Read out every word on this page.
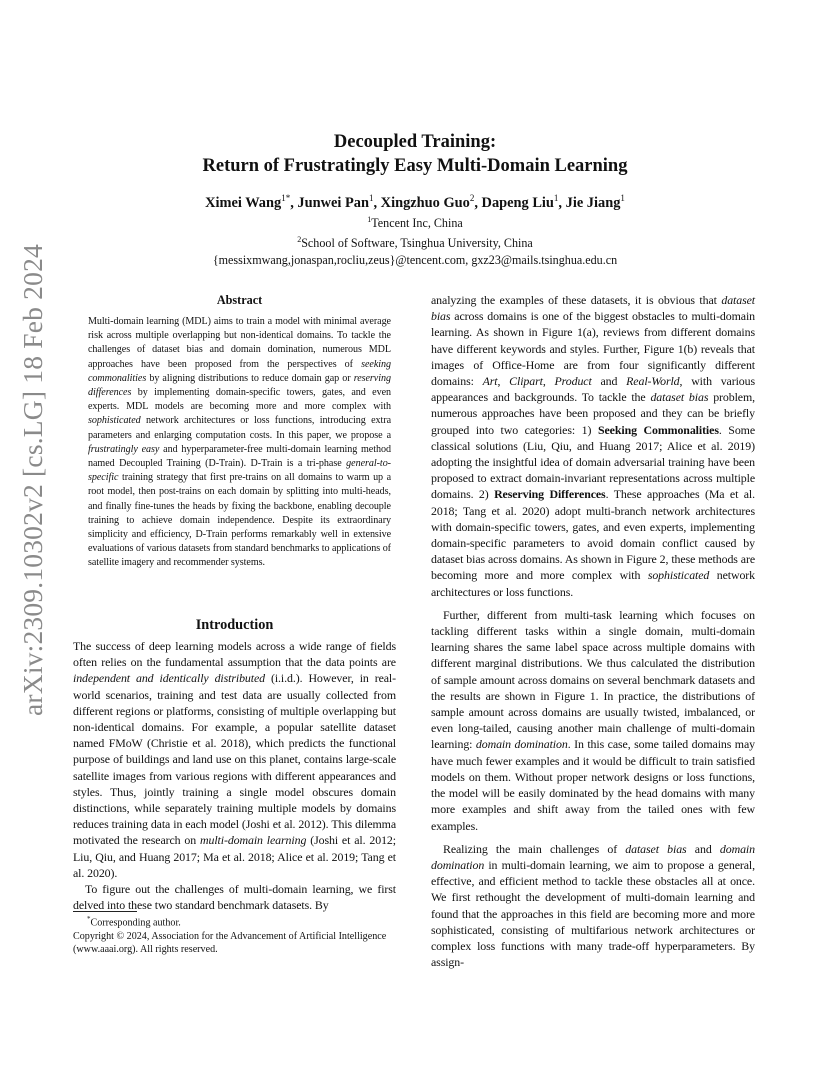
arXiv:2309.10302v2 [cs.LG] 18 Feb 2024
Decoupled Training:
Return of Frustratingly Easy Multi-Domain Learning
Ximei Wang$^{1*}$, Junwei Pan$^1$, Xingzhuo Guo$^2$, Dapeng Liu$^1$, Jie Jiang$^1$
$^1$Tencent Inc, China
$^2$School of Software, Tsinghua University, China
{messixmwang,jonaspan,rocliu,zeus}@tencent.com, gxz23@mails.tsinghua.edu.cn
Abstract

Multi-domain learning (MDL) aims to train a model with minimal average risk across multiple overlapping but non-identical domains. To tackle the challenges of dataset bias and domain domination, numerous MDL approaches have been proposed from the perspectives of seeking commonalities by aligning distributions to reduce domain gap or reserving differences by implementing domain-specific towers, gates, and even experts. MDL models are becoming more and more complex with sophisticated network architectures or loss functions, introducing extra parameters and enlarging computation costs. In this paper, we propose a frustratingly easy and hyperparameter-free multi-domain learning method named Decoupled Training (D-Train). D-Train is a tri-phase general-to-specific training strategy that first pre-trains on all domains to warm up a root model, then post-trains on each domain by splitting into multi-heads, and finally fine-tunes the heads by fixing the backbone, enabling decouple training to achieve domain independence. Despite its extraordinary simplicity and efficiency, D-Train performs remarkably well in extensive evaluations of various datasets from standard benchmarks to applications of satellite imagery and recommender systems.

Introduction

The success of deep learning models across a wide range of fields often relies on the fundamental assumption that the data points are independent and identically distributed (i.i.d.). However, in real-world scenarios, training and test data are usually collected from different regions or platforms, consisting of multiple overlapping but non-identical domains. For example, a popular satellite dataset named FMoW (Christie et al. 2018), which predicts the functional purpose of buildings and land use on this planet, contains large-scale satellite images from various regions with different appearances and styles. Thus, jointly training a single model obscures domain distinctions, while separately training multiple models by domains reduces training data in each model (Joshi et al. 2012). This dilemma motivated the research on multi-domain learning (Joshi et al. 2012; Liu, Qiu, and Huang 2017; Ma et al. 2018; Alice et al. 2019; Tang et al. 2020).

To figure out the challenges of multi-domain learning, we first delved into these two standard benchmark datasets. By

*Corresponding author.
Copyright © 2024, Association for the Advancement of Artificial Intelligence (www.aaai.org). All rights reserved.

analyzing the examples of these datasets, it is obvious that dataset bias across domains is one of the biggest obstacles to multi-domain learning. As shown in Figure 1(a), reviews from different domains have different keywords and styles. Further, Figure 1(b) reveals that images of Office-Home are from four significantly different domains: Art, Clipart, Product and Real-World, with various appearances and backgrounds. To tackle the dataset bias problem, numerous approaches have been proposed and they can be briefly grouped into two categories: 1) Seeking Commonalities. Some classical solutions (Liu, Qiu, and Huang 2017; Alice et al. 2019) adopting the insightful idea of domain adversarial training have been proposed to extract domain-invariant representations across multiple domains. 2) Reserving Differences. These approaches (Ma et al. 2018; Tang et al. 2020) adopt multi-branch network architectures with domain-specific towers, gates, and even experts, implementing domain-specific parameters to avoid domain conflict caused by dataset bias across domains. As shown in Figure 2, these methods are becoming more and more complex with sophisticated network architectures or loss functions.

Further, different from multi-task learning which focuses on tackling different tasks within a single domain, multi-domain learning shares the same label space across multiple domains with different marginal distributions. We thus calculated the distribution of sample amount across domains on several benchmark datasets and the results are shown in Figure 1. In practice, the distributions of sample amount across domains are usually twisted, imbalanced, or even long-tailed, causing another main challenge of multi-domain learning: domain domination. In this case, some tailed domains may have much fewer examples and it would be difficult to train satisfied models on them. Without proper network designs or loss functions, the model will be easily dominated by the head domains with many more examples and shift away from the tailed ones with few examples.

Realizing the main challenges of dataset bias and domain domination in multi-domain learning, we aim to propose a general, effective, and efficient method to tackle these obstacles all at once. We first rethought the development of multi-domain learning and found that the approaches in this field are becoming more and more sophisticated, consisting of multifarious network architectures or complex loss functions with many trade-off hyperparameters. By assign-
